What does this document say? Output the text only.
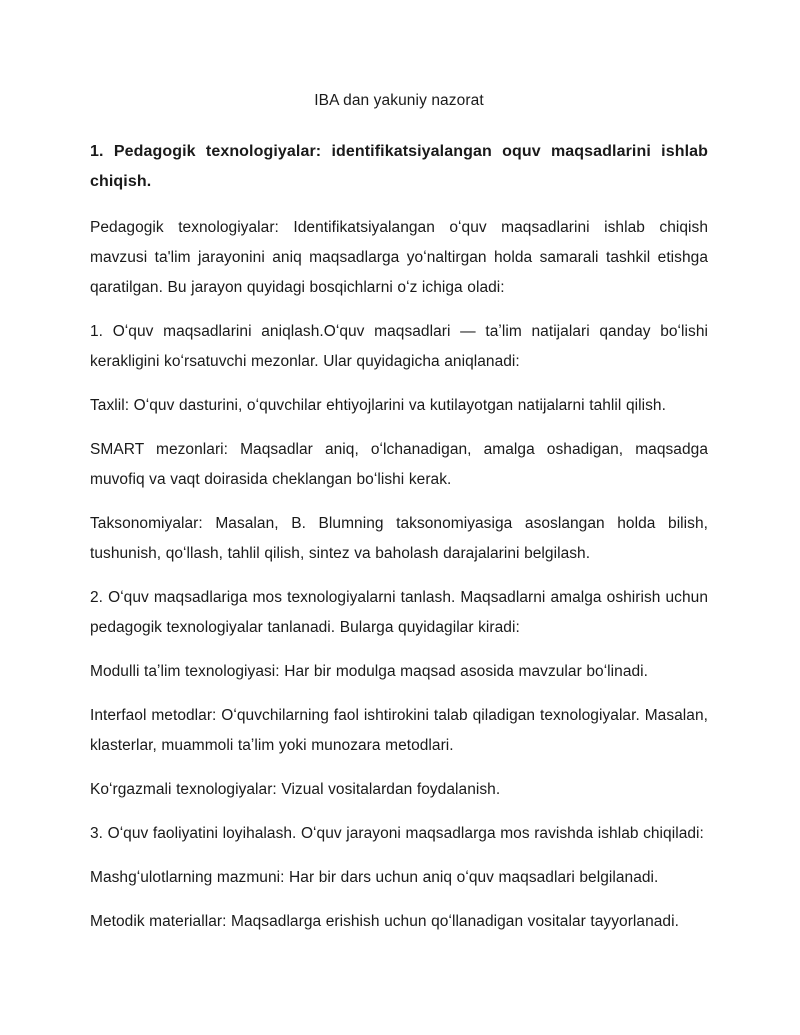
IBA dan yakuniy nazorat

1. Pedagogik texnologiyalar: identifikatsiyalangan oquv maqsadlarini ishlab chiqish.

Pedagogik texnologiyalar: Identifikatsiyalangan oʻquv maqsadlarini ishlab chiqish mavzusi ta'lim jarayonini aniq maqsadlarga yoʻnaltirgan holda samarali tashkil etishga qaratilgan. Bu jarayon quyidagi bosqichlarni oʻz ichiga oladi:

1. Oʻquv maqsadlarini aniqlash.Oʻquv maqsadlari — taʼlim natijalari qanday boʻlishi kerakligini koʻrsatuvchi mezonlar. Ular quyidagicha aniqlanadi:

Taxlil: Oʻquv dasturini, oʻquvchilar ehtiyojlarini va kutilayotgan natijalarni tahlil qilish.

SMART mezonlari: Maqsadlar aniq, oʻlchanadigan, amalga oshadigan, maqsadga muvofiq va vaqt doirasida cheklangan boʻlishi kerak.

Taksonomiyalar: Masalan, B. Blumning taksonomiyasiga asoslangan holda bilish, tushunish, qoʻllash, tahlil qilish, sintez va baholash darajalarini belgilash.

2. Oʻquv maqsadlariga mos texnologiyalarni tanlash. Maqsadlarni amalga oshirish uchun pedagogik texnologiyalar tanlanadi. Bularga quyidagilar kiradi:

Modulli taʼlim texnologiyasi: Har bir modulga maqsad asosida mavzular boʻlinadi.

Interfaol metodlar: Oʻquvchilarning faol ishtirokini talab qiladigan texnologiyalar. Masalan, klasterlar, muammoli taʼlim yoki munozara metodlari.

Koʻrgazmali texnologiyalar: Vizual vositalardan foydalanish.

3. Oʻquv faoliyatini loyihalash. Oʻquv jarayoni maqsadlarga mos ravishda ishlab chiqiladi:

Mashgʻulotlarning mazmuni: Har bir dars uchun aniq oʻquv maqsadlari belgilanadi.

Metodik materiallar: Maqsadlarga erishish uchun qoʻllanadigan vositalar tayyorlanadi.
